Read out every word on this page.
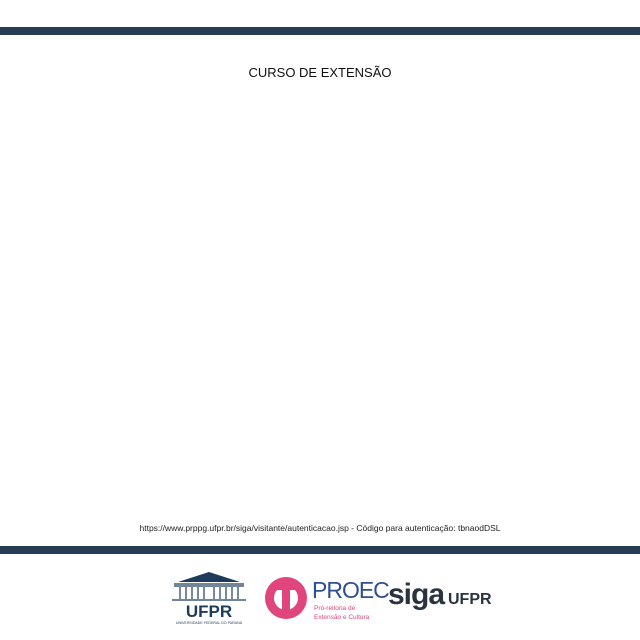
CURSO DE EXTENSÃO
https://www.prppg.ufpr.br/siga/visitante/autenticacao.jsp - Código para autenticação: tbnaodDSL
UFPR
UNIVERSIDADE FEDERAL DO PARANÁ
PROEC
Pró-reitoria de
Extensão e Cultura
siga UFPR
